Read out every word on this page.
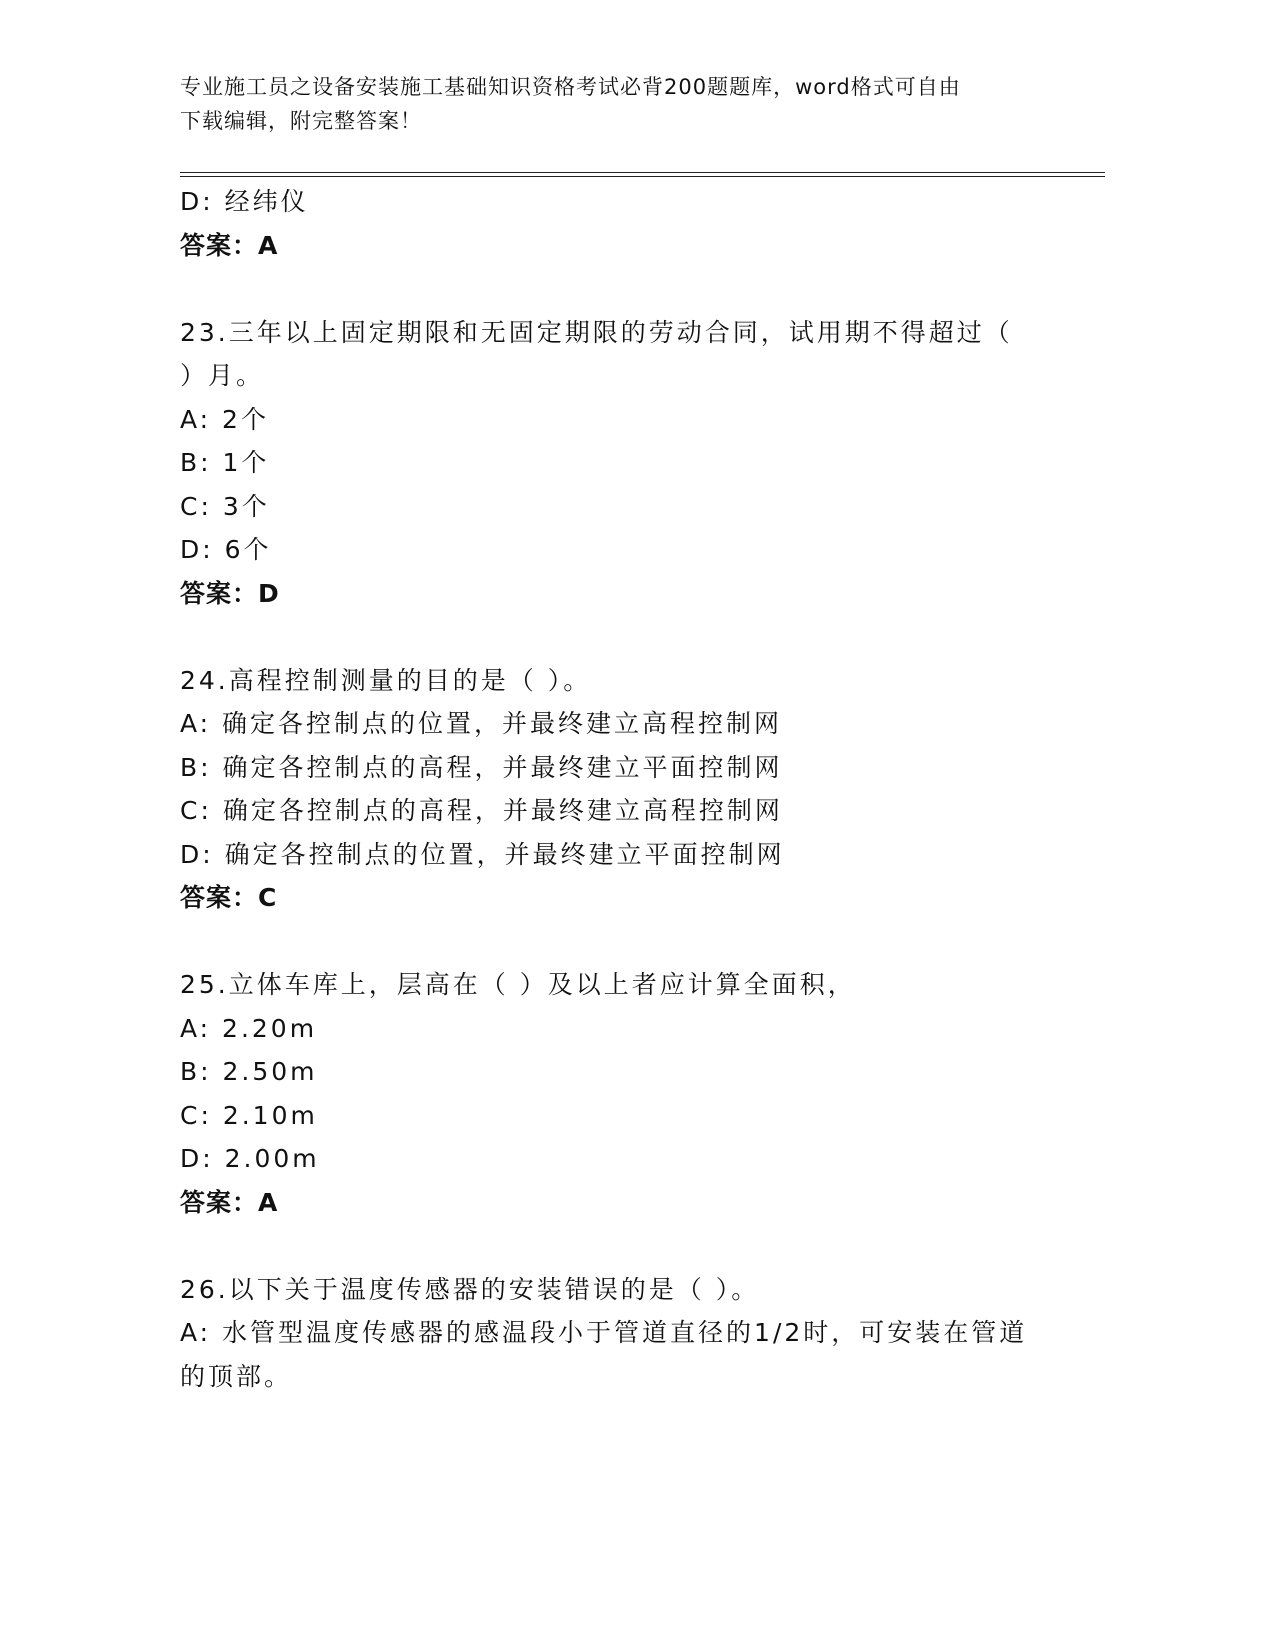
专业施工员之设备安装施工基础知识资格考试必背200题题库，word格式可自由
下载编辑，附完整答案！
D: 经纬仪
答案：A
23.三年以上固定期限和无固定期限的劳动合同，试用期不得超过（
）月。
A: 2个
B: 1个
C: 3个
D: 6个
答案：D
24.高程控制测量的目的是（ ）。
A: 确定各控制点的位置，并最终建立高程控制网
B: 确定各控制点的高程，并最终建立平面控制网
C: 确定各控制点的高程，并最终建立高程控制网
D: 确定各控制点的位置，并最终建立平面控制网
答案：C
25.立体车库上，层高在（ ）及以上者应计算全面积，
A: 2.20m
B: 2.50m
C: 2.10m
D: 2.00m
答案：A
26.以下关于温度传感器的安装错误的是（ ）。
A: 水管型温度传感器的感温段小于管道直径的1/2时，可安装在管道
的顶部。
